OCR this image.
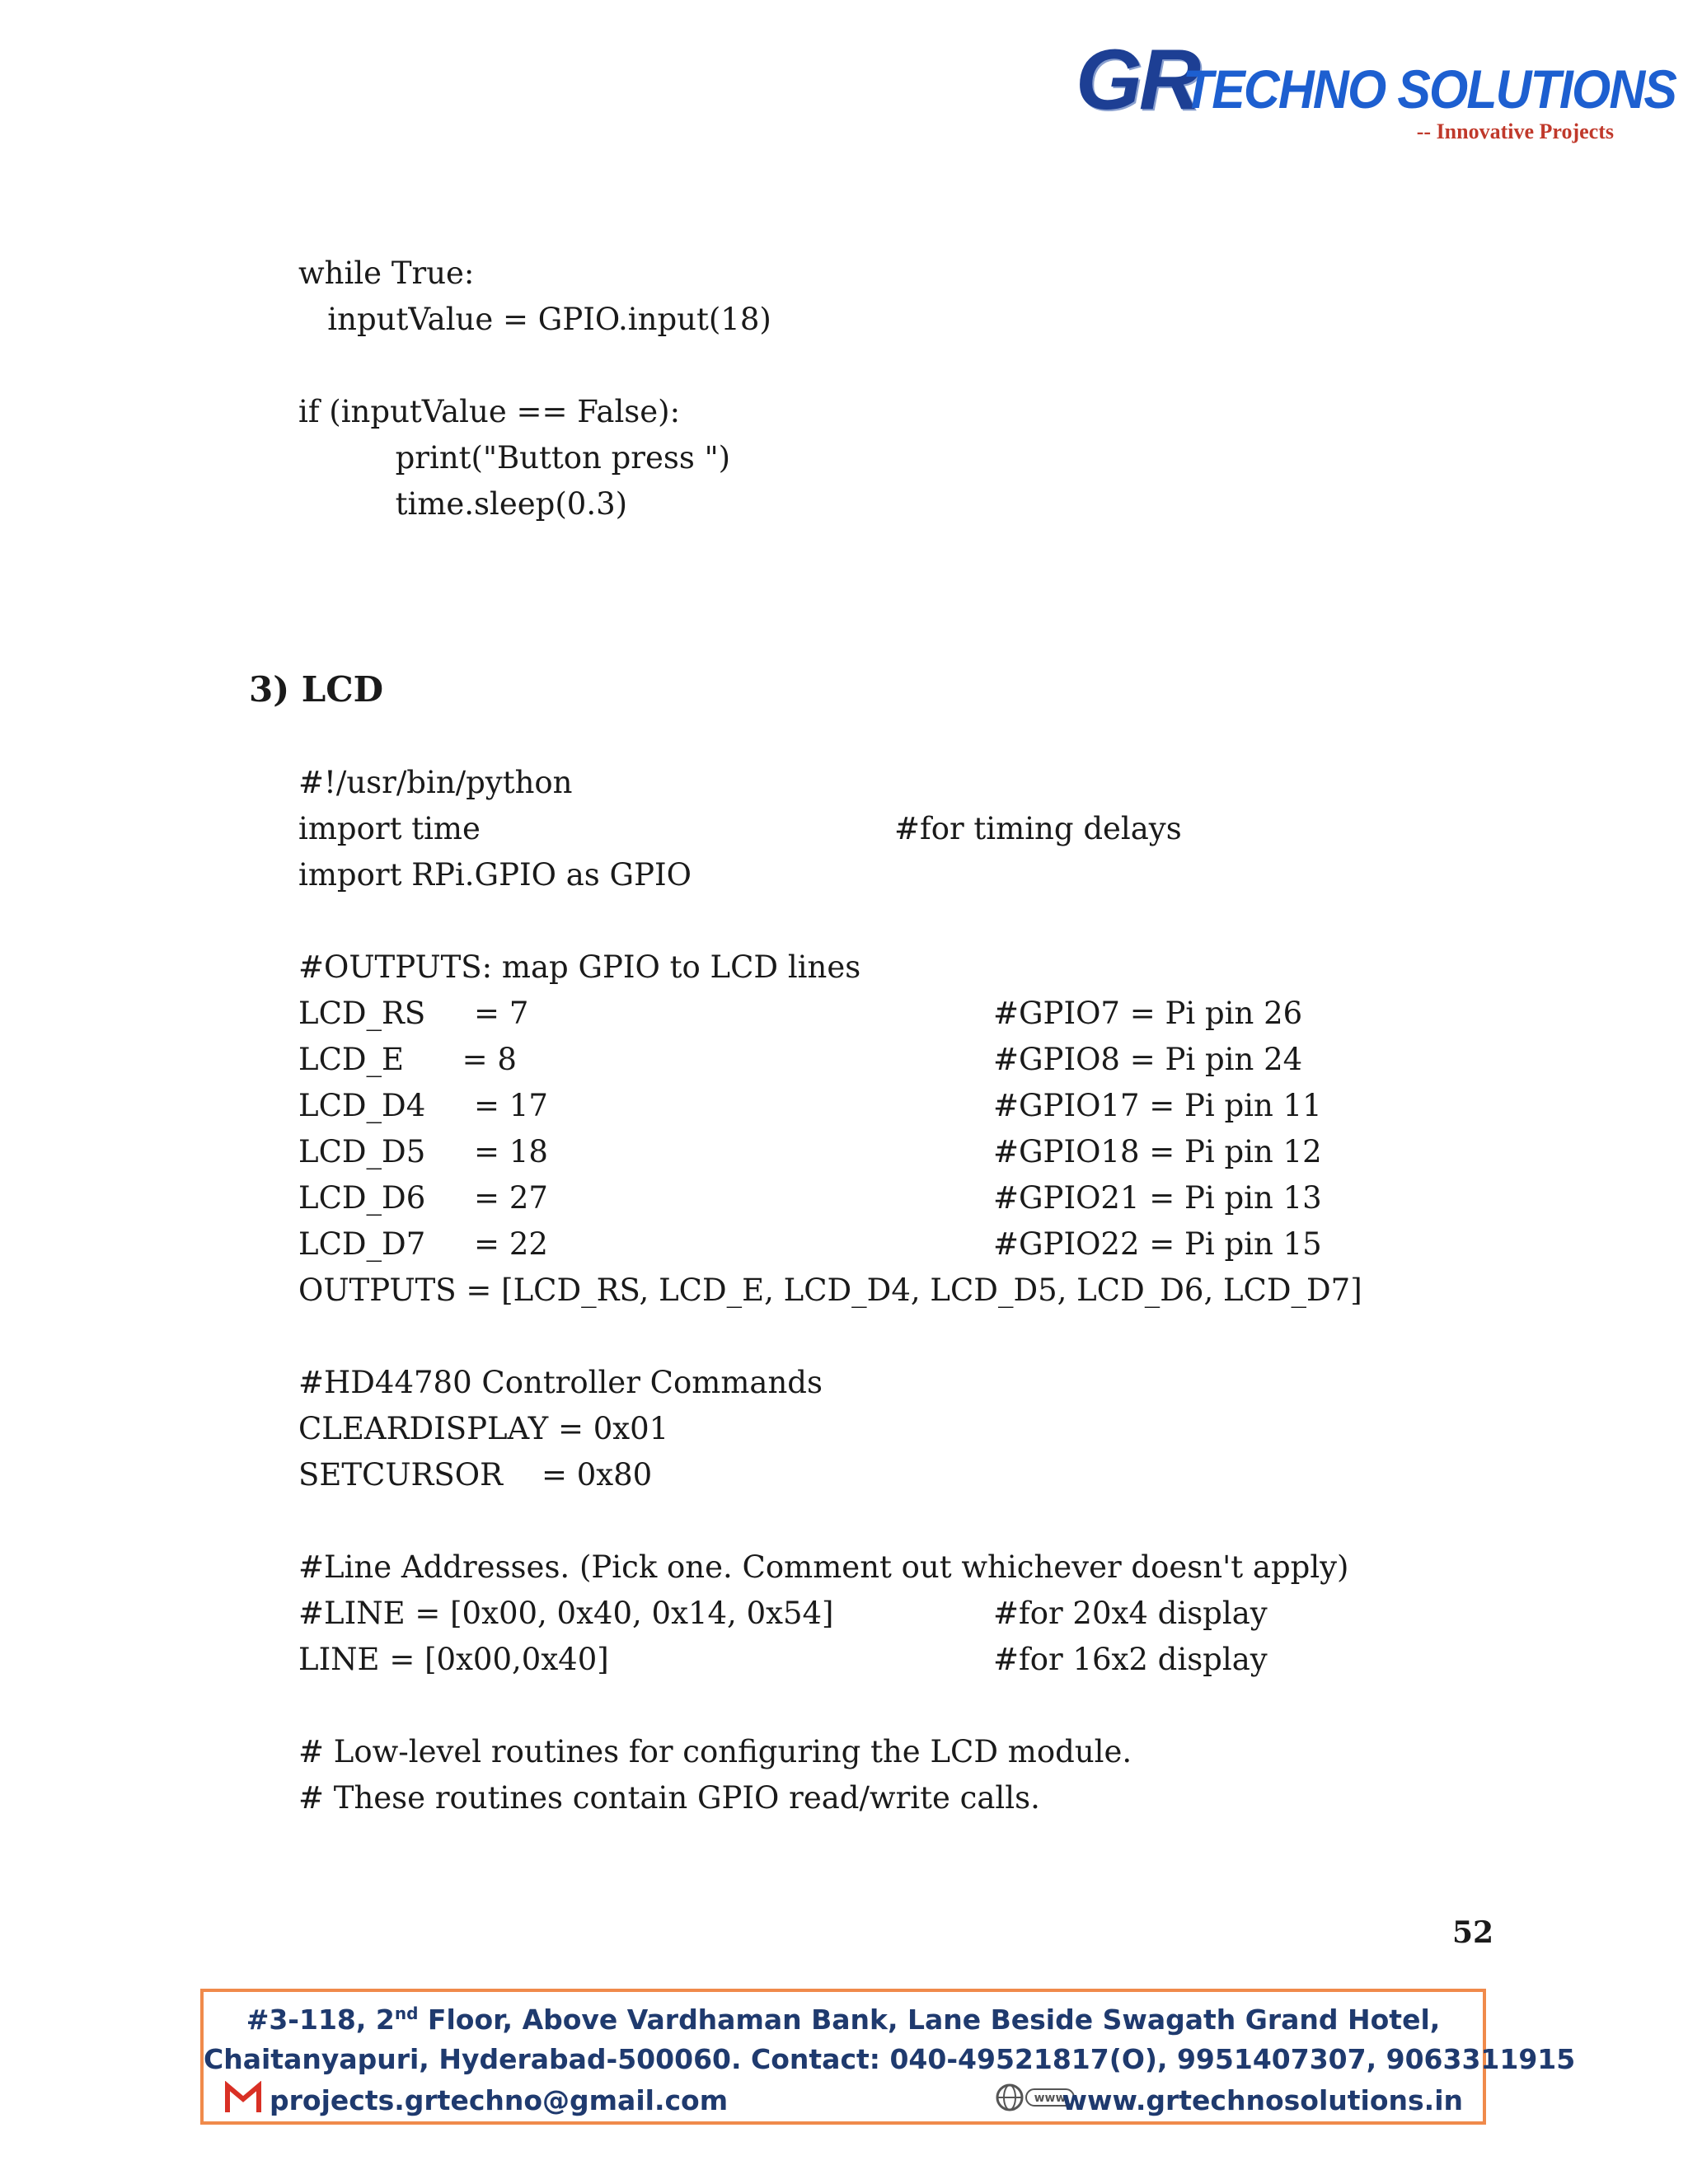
GR
TECHNO SOLUTIONS
-- Innovative Projects
while True:
inputValue = GPIO.input(18)
if (inputValue == False):
print("Button press ")
time.sleep(0.3)
3) LCD
#!/usr/bin/python
import time	#for timing delays
import RPi.GPIO as GPIO
#OUTPUTS: map GPIO to LCD lines
LCD_RS     = 7	#GPIO7 = Pi pin 26
LCD_E      = 8	#GPIO8 = Pi pin 24
LCD_D4     = 17	#GPIO17 = Pi pin 11
LCD_D5     = 18	#GPIO18 = Pi pin 12
LCD_D6     = 27	#GPIO21 = Pi pin 13
LCD_D7     = 22	#GPIO22 = Pi pin 15
OUTPUTS = [LCD_RS, LCD_E, LCD_D4, LCD_D5, LCD_D6, LCD_D7]
#HD44780 Controller Commands
CLEARDISPLAY = 0x01
SETCURSOR    = 0x80
#Line Addresses. (Pick one. Comment out whichever doesn't apply)
#LINE = [0x00, 0x40, 0x14, 0x54]	#for 20x4 display
LINE = [0x00,0x40]	#for 16x2 display
# Low-level routines for configuring the LCD module.
# These routines contain GPIO read/write calls.
52
#3-118, 2nd Floor, Above Vardhaman Bank, Lane Beside Swagath Grand Hotel,
Chaitanyapuri, Hyderabad-500060. Contact: 040-49521817(O), 9951407307, 9063311915
projects.grtechno@gmail.com	www
www.grtechnosolutions.in
